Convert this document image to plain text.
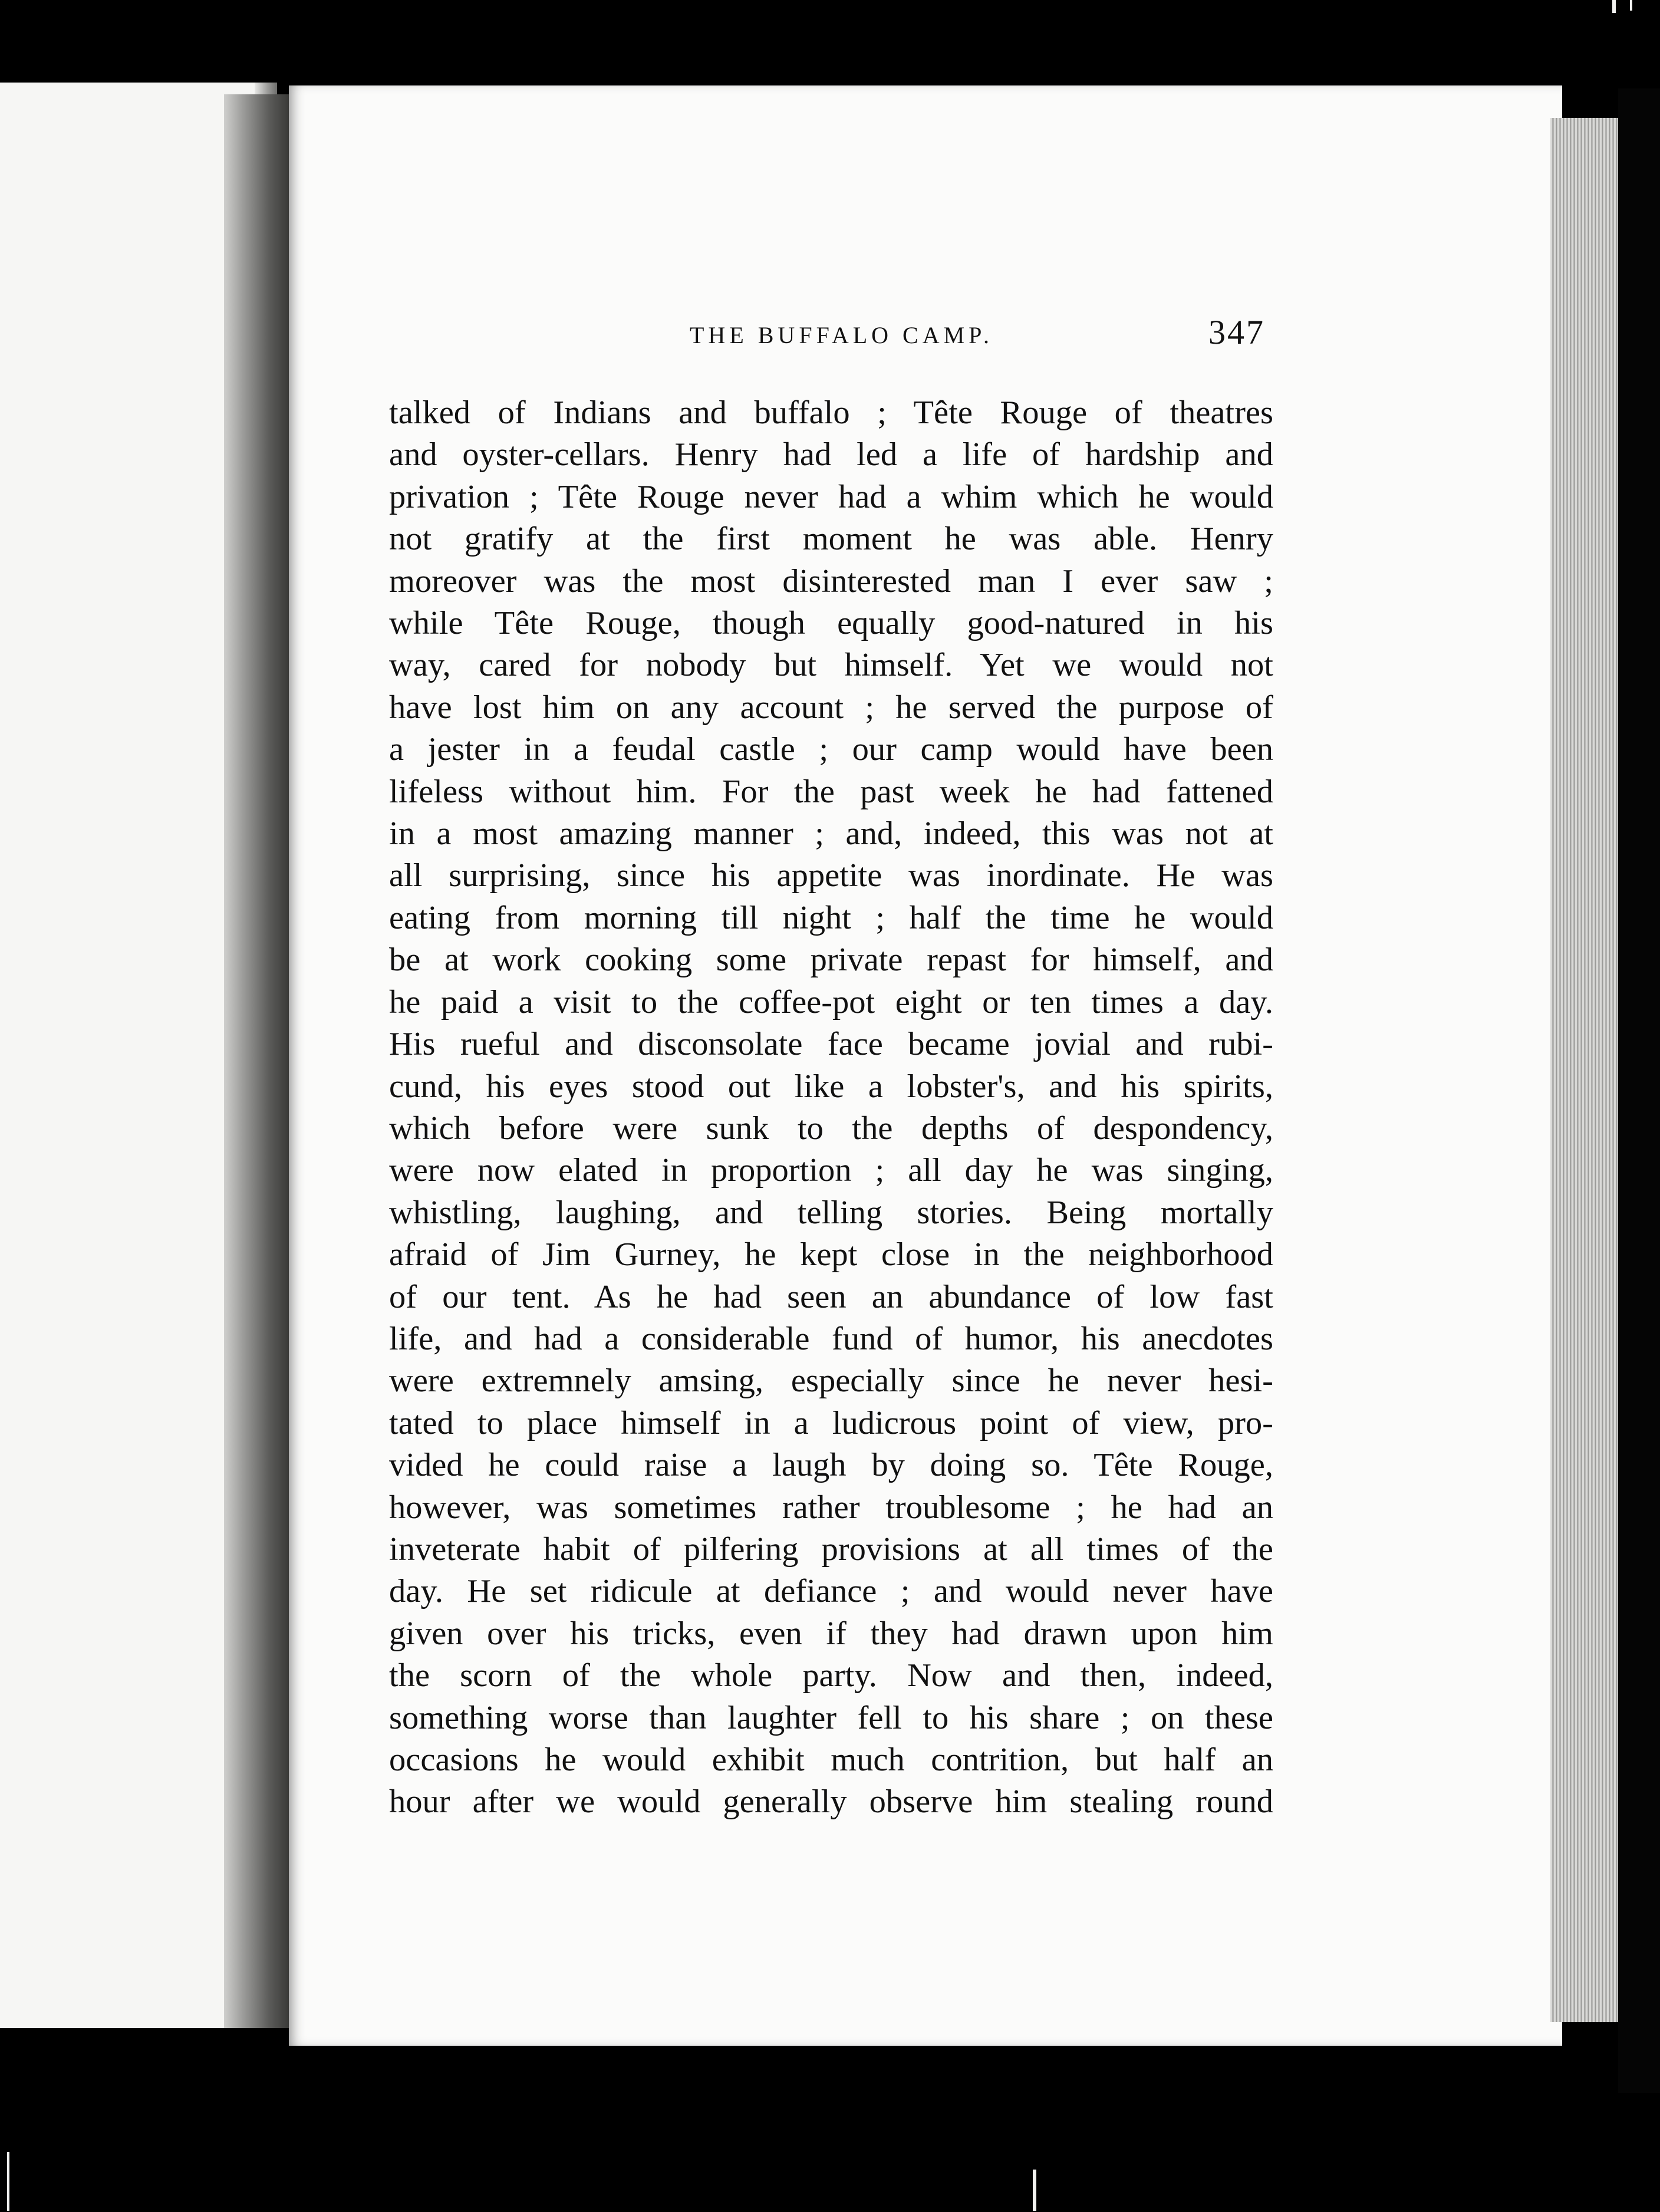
THE BUFFALO CAMP.	347
talked of Indians and buffalo ; Tête Rouge of theatres
and oyster-cellars. Henry had led a life of hardship and
privation ; Tête Rouge never had a whim which he would
not gratify at the first moment he was able. Henry
moreover was the most disinterested man I ever saw ;
while Tête Rouge, though equally good-natured in his
way, cared for nobody but himself. Yet we would not
have lost him on any account ; he served the purpose of
a jester in a feudal castle ; our camp would have been
lifeless without him. For the past week he had fattened
in a most amazing manner ; and, indeed, this was not at
all surprising, since his appetite was inordinate. He was
eating from morning till night ; half the time he would
be at work cooking some private repast for himself, and
he paid a visit to the coffee-pot eight or ten times a day.
His rueful and disconsolate face became jovial and rubi-
cund, his eyes stood out like a lobster's, and his spirits,
which before were sunk to the depths of despondency,
were now elated in proportion ; all day he was singing,
whistling, laughing, and telling stories. Being mortally
afraid of Jim Gurney, he kept close in the neighborhood
of our tent. As he had seen an abundance of low fast
life, and had a considerable fund of humor, his anecdotes
were extremnely amsing, especially since he never hesi-
tated to place himself in a ludicrous point of view, pro-
vided he could raise a laugh by doing so. Tête Rouge,
however, was sometimes rather troublesome ; he had an
inveterate habit of pilfering provisions at all times of the
day. He set ridicule at defiance ; and would never have
given over his tricks, even if they had drawn upon him
the scorn of the whole party. Now and then, indeed,
something worse than laughter fell to his share ; on these
occasions he would exhibit much contrition, but half an
hour after we would generally observe him stealing round
